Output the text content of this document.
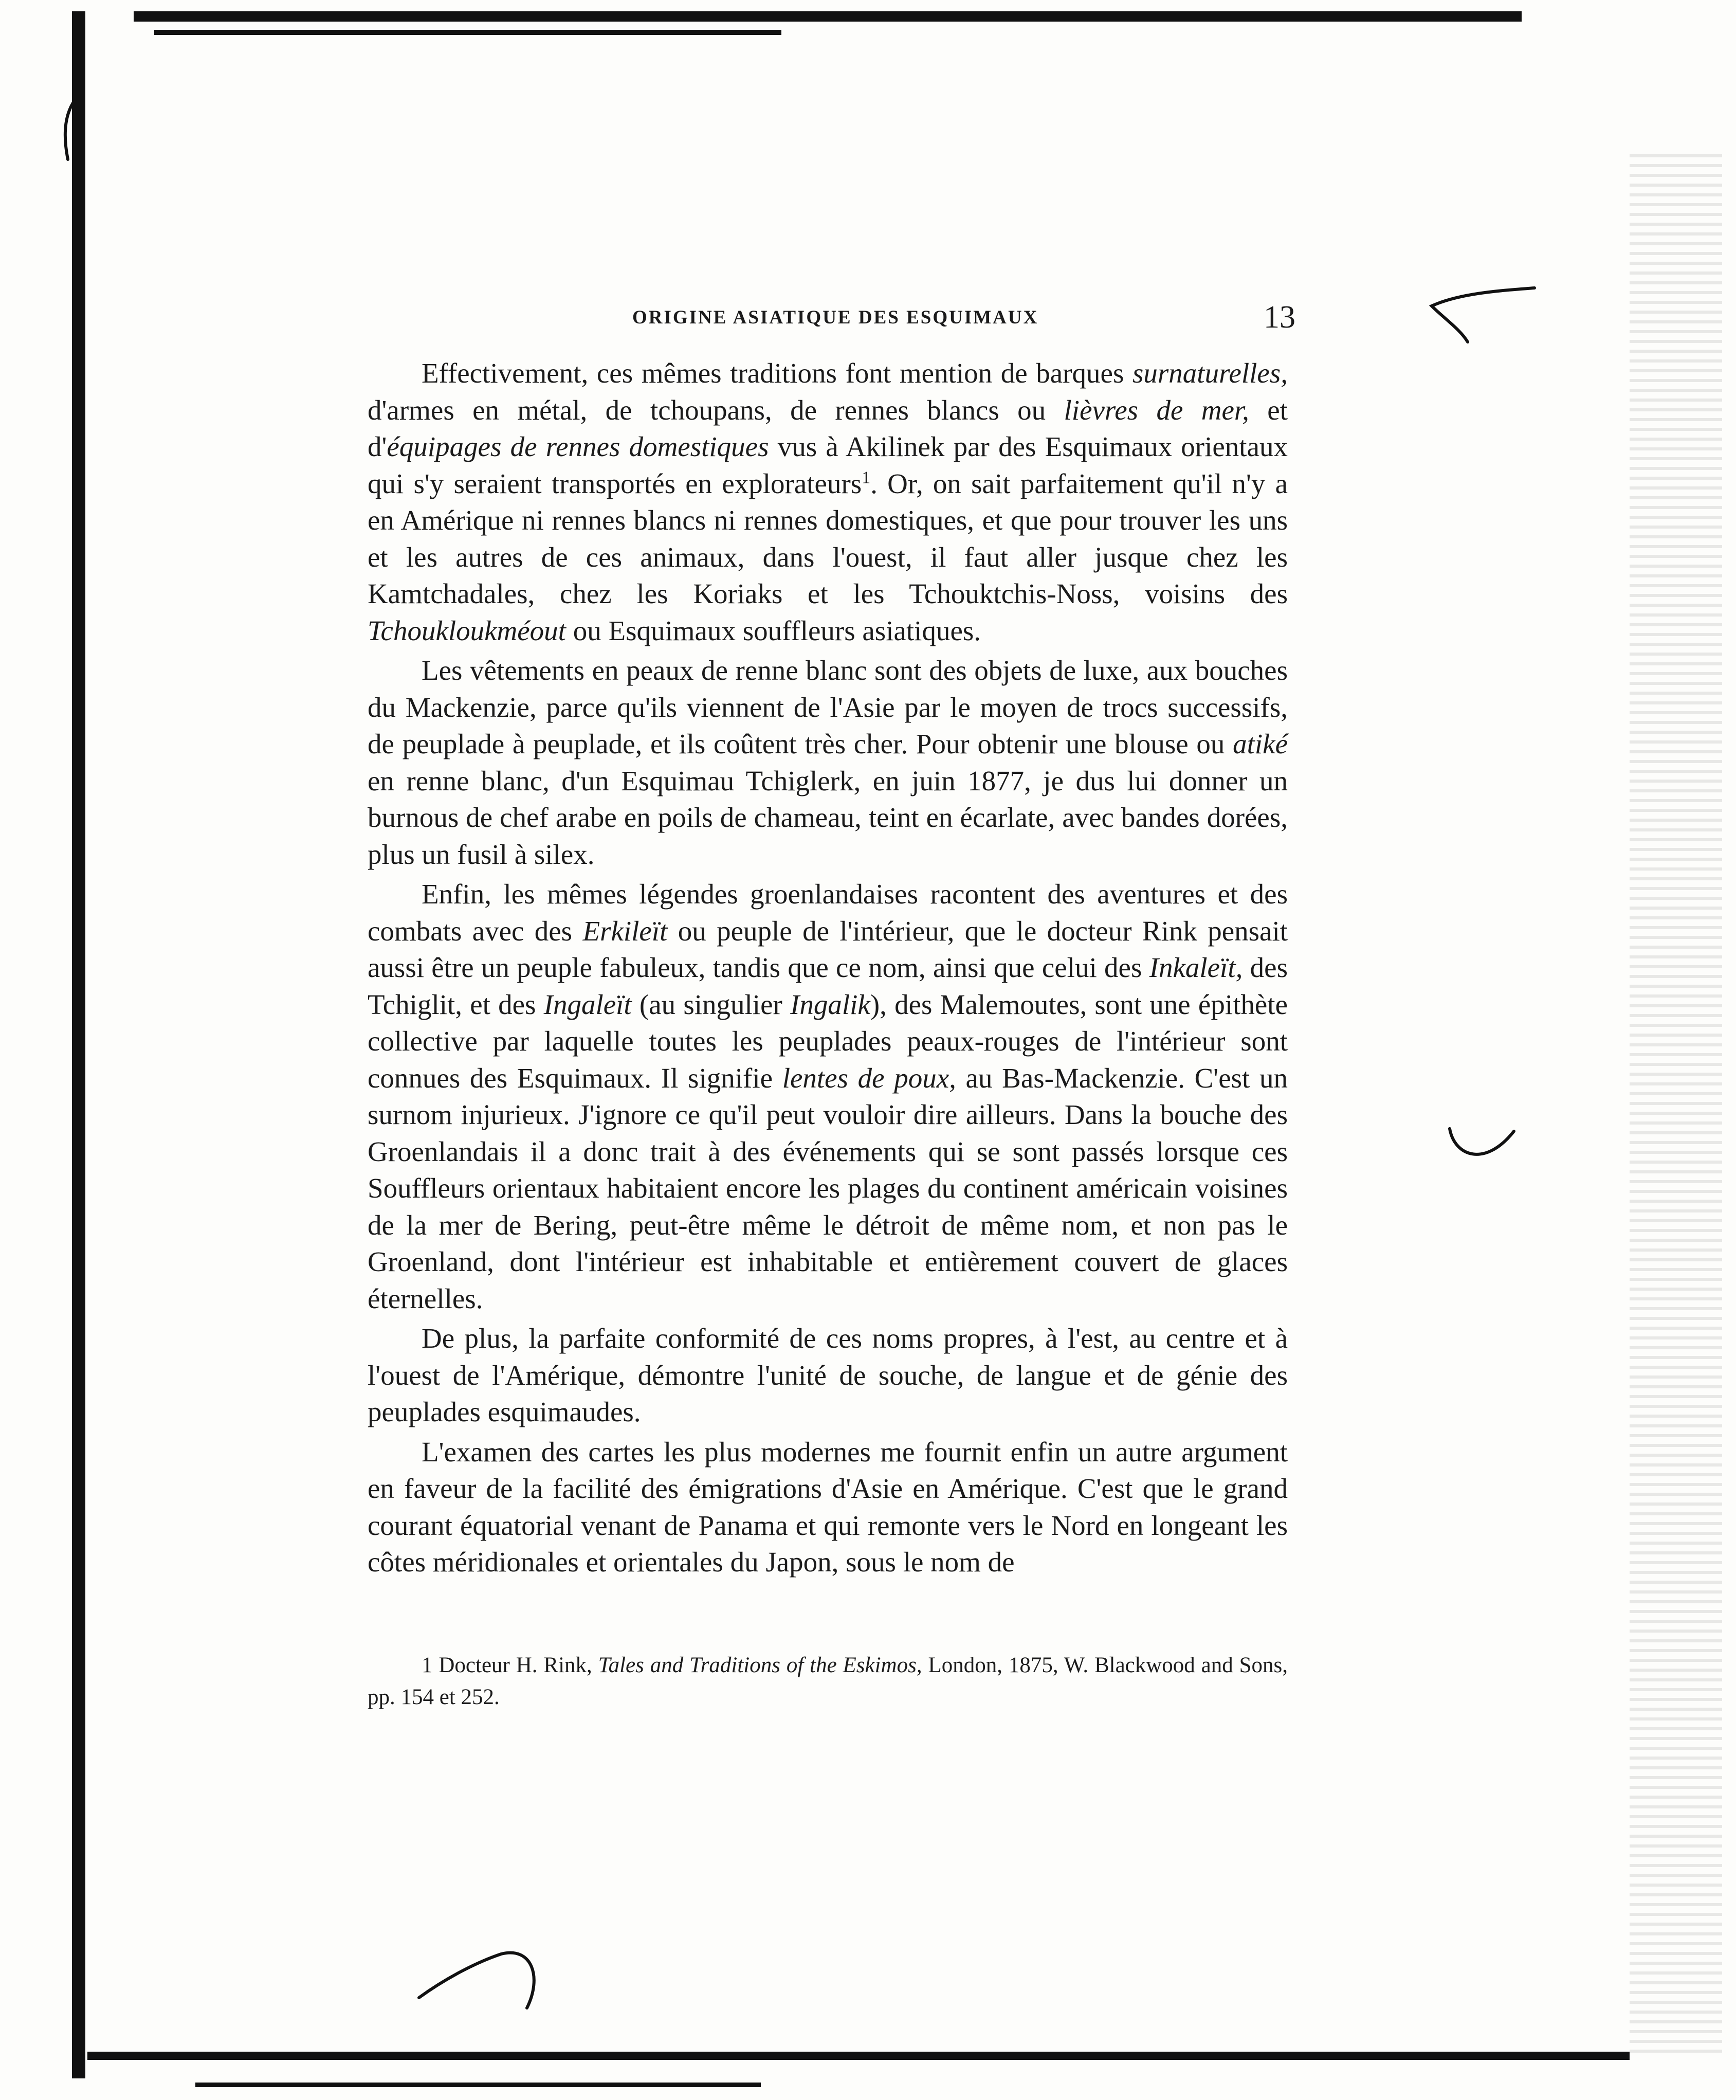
ORIGINE ASIATIQUE DES ESQUIMAUX	13

Effectivement, ces mêmes traditions font mention de barques surnaturelles, d'armes en métal, de tchoupans, de rennes blancs ou lièvres de mer, et d'équipages de rennes domestiques vus à Akilinek par des Esquimaux orientaux qui s'y seraient transportés en explorateurs$^1$. Or, on sait parfaitement qu'il n'y a en Amérique ni rennes blancs ni rennes domestiques, et que pour trouver les uns et les autres de ces animaux, dans l'ouest, il faut aller jusque chez les Kamtchadales, chez les Koriaks et les Tchouktchis-Noss, voisins des Tchoukloukméout ou Esquimaux souffleurs asiatiques.

Les vêtements en peaux de renne blanc sont des objets de luxe, aux bouches du Mackenzie, parce qu'ils viennent de l'Asie par le moyen de trocs successifs, de peuplade à peuplade, et ils coûtent très cher. Pour obtenir une blouse ou atiké en renne blanc, d'un Esquimau Tchiglerk, en juin 1877, je dus lui donner un burnous de chef arabe en poils de chameau, teint en écarlate, avec bandes dorées, plus un fusil à silex.

Enfin, les mêmes légendes groenlandaises racontent des aventures et des combats avec des Erkileït ou peuple de l'intérieur, que le docteur Rink pensait aussi être un peuple fabuleux, tandis que ce nom, ainsi que celui des Inkaleït, des Tchiglit, et des Ingaleït (au singulier Ingalik), des Malemoutes, sont une épithète collective par laquelle toutes les peuplades peaux-rouges de l'intérieur sont connues des Esquimaux. Il signifie lentes de poux, au Bas-Mackenzie. C'est un surnom injurieux. J'ignore ce qu'il peut vouloir dire ailleurs. Dans la bouche des Groenlandais il a donc trait à des événements qui se sont passés lorsque ces Souffleurs orientaux habitaient encore les plages du continent américain voisines de la mer de Bering, peut-être même le détroit de même nom, et non pas le Groenland, dont l'intérieur est inhabitable et entièrement couvert de glaces éternelles.

De plus, la parfaite conformité de ces noms propres, à l'est, au centre et à l'ouest de l'Amérique, démontre l'unité de souche, de langue et de génie des peuplades esquimaudes.

L'examen des cartes les plus modernes me fournit enfin un autre argument en faveur de la facilité des émigrations d'Asie en Amérique. C'est que le grand courant équatorial venant de Panama et qui remonte vers le Nord en longeant les côtes méridionales et orientales du Japon, sous le nom de

1 Docteur H. Rink, Tales and Traditions of the Eskimos, London, 1875, W. Blackwood and Sons, pp. 154 et 252.
